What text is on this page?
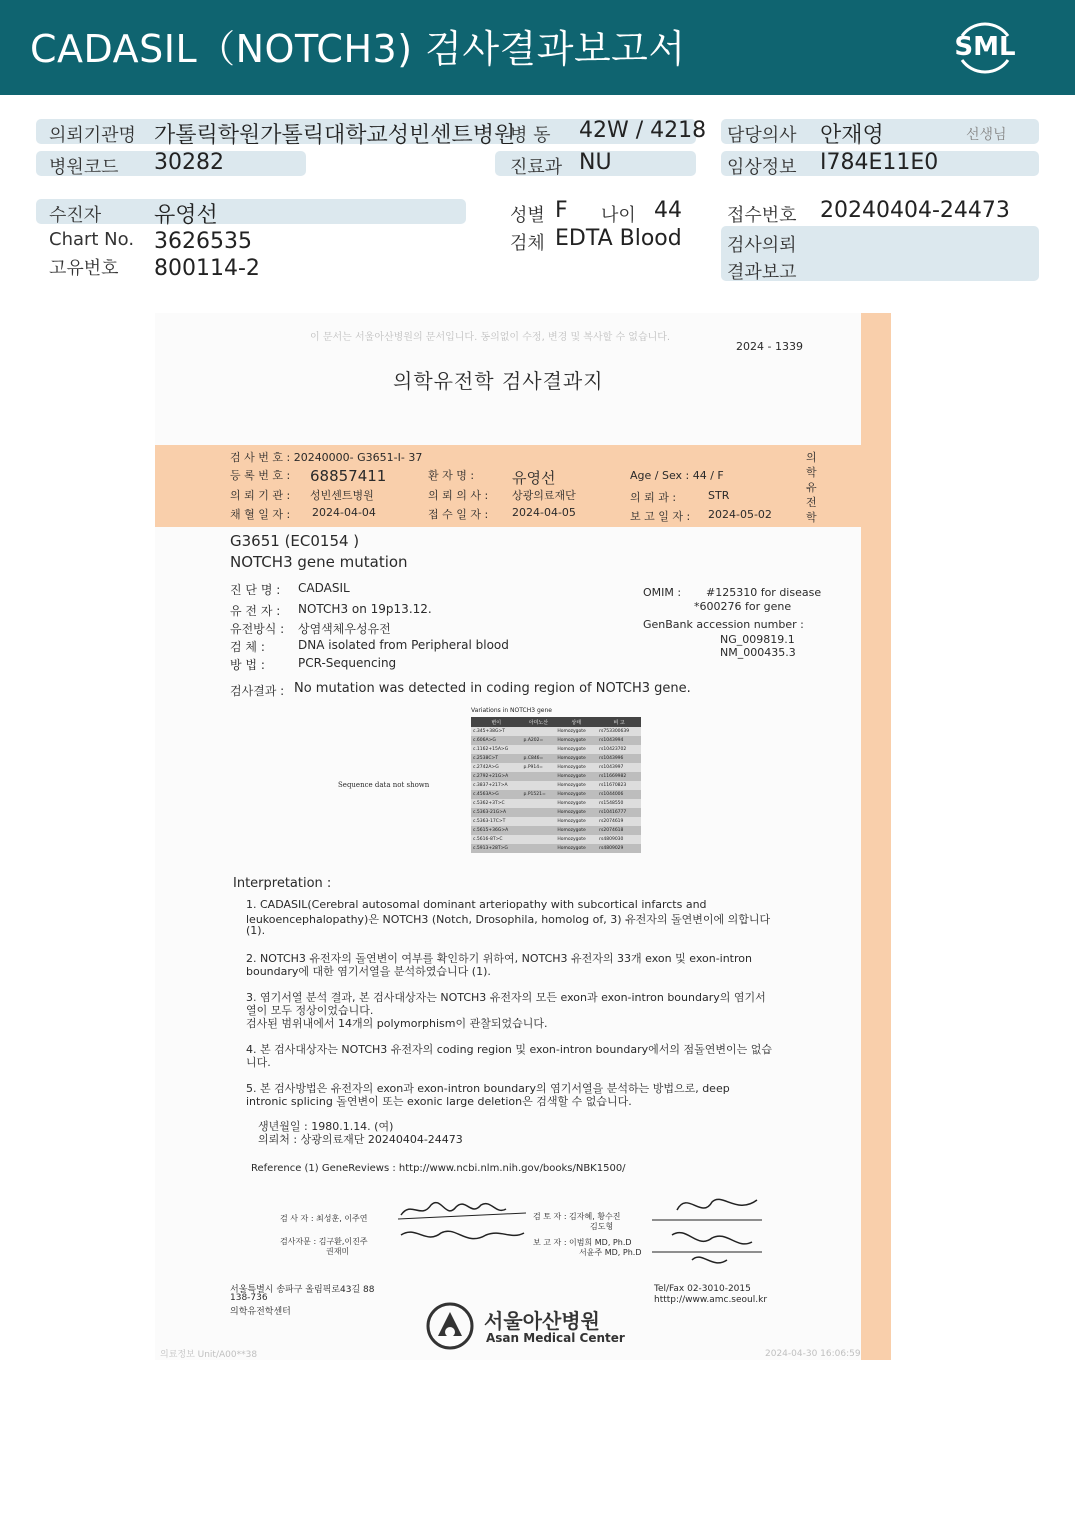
CADASIL（NOTCH3) 검사결과보고서	SML
의뢰기관명 가톨릭학원가톨릭대학교성빈센트병원
병 동 42W / 4218 담당의사 안재영	선생님
병원코드 30282	진료과 NU	임상정보 I784E11E0
수진자 유영선	성별 F 나이 44	접수번호 20240404-24473
Chart No. 3626535	검체 EDTA Blood	검사의뢰
고유번호 800114-2	결과보고
이 문서는 서울아산병원의 문서입니다. 동의없이 수정, 변경 및 복사할 수 없습니다.
2024 - 1339
의학유전학 검사결과지
검 사 번 호 : 20240000- G3651-I- 37
등 록 번 호 : 68857411	환 자 명 :	유영선	Age / Sex : 44 / F
의 뢰 기 관 : 성빈센트병원	의 뢰 의 사 : 상광의료재단	의 뢰 과 :	STR
채 혈 일 자 : 2024-04-04	접 수 일 자 : 2024-04-05	보 고 일 자 : 2024-05-02
의학유전학
G3651 (EC0154 )
NOTCH3 gene mutation
진 단 명 : CADASIL
유 전 자 : NOTCH3 on 19p13.12.
유전방식 : 상염색체우성유전
검 체 :	DNA isolated from Peripheral blood
방 법 :	PCR-Sequencing
OMIM : #125310 for disease
*600276 for gene
GenBank accession number :
NG_009819.1
NM_000435.3
검사결과 : No mutation was detected in coding region of NOTCH3 gene.
Sequence data not shown
Variations in NOTCH3 gene
변이	아미노산	상태	비 고
c.345+38G>T		Homozygote	rs753300639
c.606A>G	p.A202=	Homozygote	rs1043994
c.1162+15A>G		Homozygote	rs10423702
c.2538C>T	p.C846=	Homozygote	rs1043996
c.2742A>G	p.P914=	Homozygote	rs1043997
c.2792+21G>A		Homozygote	rs11669982
c.3837+217>A		Homozygote	rs11670823
c.4563A>G	p.P1521=	Homozygote	rs1044006
c.5362+3T>C		Homozygote	rs1548550
c.5363-21G>A		Homozygote	rs10416777
c.5363-17C>T		Homozygote	rs2074619
c.5615+36G>A		Homozygote	rs2074618
c.5616-8T>C		Homozygote	rs4809030
c.5913+28T>G		Homozygote	rs4809029
Interpretation :
1. CADASIL(Cerebral autosomal dominant arteriopathy with subcortical infarcts and
leukoencephalopathy)은 NOTCH3 (Notch, Drosophila, homolog of, 3) 유전자의 돌연변이에 의합니다
(1).
2. NOTCH3 유전자의 돌연변이 여부를 확인하기 위하여, NOTCH3 유전자의 33개 exon 및 exon-intron
boundary에 대한 염기서열을 분석하였습니다 (1).
3. 염기서열 분석 결과, 본 검사대상자는 NOTCH3 유전자의 모든 exon과 exon-intron boundary의 염기서
열이 모두 정상이었습니다.
검사된 범위내에서 14개의 polymorphism이 관찰되었습니다.
4. 본 검사대상자는 NOTCH3 유전자의 coding region 및 exon-intron boundary에서의 점돌연변이는 없습
니다.
5. 본 검사방법은 유전자의 exon과 exon-intron boundary의 염기서열을 분석하는 방법으로, deep
intronic splicing 돌연변이 또는 exonic large deletion은 검색할 수 없습니다.
생년월일 : 1980.1.14. (여)
의뢰처 : 상광의료재단 20240404-24473
Reference (1) GeneReviews : http://www.ncbi.nlm.nih.gov/books/NBK1500/
검 사 자 : 최성훈, 이주연
검사자문 : 김구환,이진주
권재미
검 토 자 : 김자혜, 황수진
김도형
보 고 자 : 이범희 MD, Ph.D
서윤주 MD, Ph.D
서울특별시 송파구 올림픽로43길 88
138-736
의학유전학센터	서울아산병원
Asan Medical Center
Tel/Fax 02-3010-2015
htttp://www.amc.seoul.kr
의료정보 Unit/A00**38	2024-04-30 16:06:59
